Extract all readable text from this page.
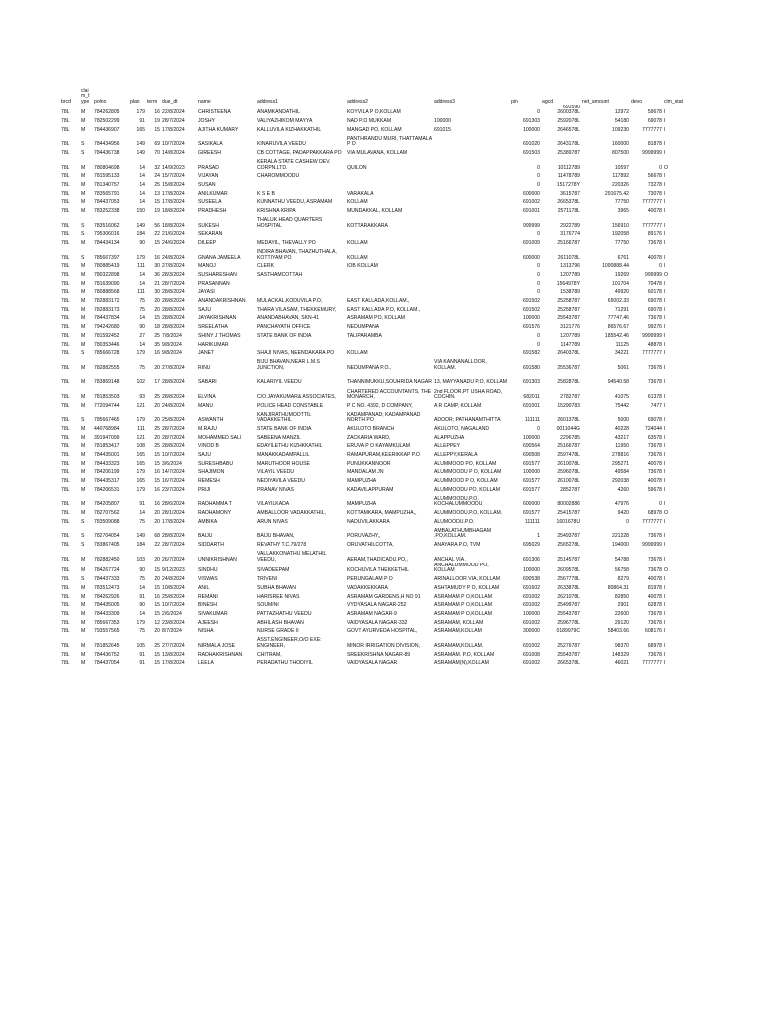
brcd	clai m_t ype	polno	plan	term	due_dt	name	address1	address2	address3	pin	agcd	net_amount	devo	clm_stat
78L	M	784262805	179	16	22/8/2024	CHRISTEENA	ANAMKANDATHIL	KOYVILA P O,KOLLAM		0	691590 2600378L	12972	59678	I
78L	M	782502299	91	19	28/7/2024	JOSHY	VALIYAZHIKOM MAYYA	NAD P.O MUKKAM	100000	691303	2592078L	54180	69078	I
78L	M	784436907	165	15	17/8/2024	AJITHA KUMARY	KALLUVILA KIZHAKKATHIL	MANGAD PO, KOLLAM	691015	100000	2646578L	109230	7777777	I
78L	S	784434956	149	69	10/7/2024	SASIKALA	KINARUVILA VEEDU	PANTHRANDU MURI, THATTAMALA P O		691020	2643178L	160000	81878	I
78L	S	784436738	149	70	14/8/2024	GIREESH	CB COTTAGE, PADAPPAKKARA PO	VIA MULAVANA, KOLLAM		691503	25389787	807500	9999999	I
78L	M	780804698	14	32	14/9/2023	PRASAD	KERALA STATE CASHEW DEV. CORPN.LTD.	QUILON		0	10112789	10597	0	O
78L	M	781595133	14	24	15/7/2024	VIJAYAN	CHAROMMOODU			0	11478789	117892	56678	I
78L	M	781340757	14	25	15/8/2024	SUSAN				0	1517278Y	220326	73278	I
78L	M	783565791	14	13	17/8/2024	ANILKUMAR	K S E B	VARAKALA		600000	3615787	291675.42	73078	I
78L	M	784437053	14	15	17/8/2024	SUSEELA	KUNNATHU VEEDU, ASRAMAM	KOLLAM		691002	2665378L	77750	7777777	I
78L	M	783252338	150	19	18/8/2024	PRADHESH	KRISHNA KRIPA	MUNDAKKAL, KOLLAM		691001	2571178L	3965	40078	I
78L	S	783516062	149	56	18/8/2024	SUKESH	THALUK HEAD QUARTERS HOSPITAL	KOTTARAKKARA		999999	2922789	156910	7777777	I
78L	S	795306016	184	22	21/6/2024	SEKARAN				0	3176774	192058	89176	I
78L	M	784434134	90	15	24/6/2024	DILEEP	MEDAYIL, THEVALLY PO	KOLLAM		691009	25166787	77750	73678	I
78L	S	785667397	179	16	24/8/2024	GNANA JAMEELA	INDIRA BHAVAN, THAZHUTHALA, KOTTIYAM PO	KOLLAM		600000	2611078L	6761	40078	I
78L	M	780885419	111	30	27/8/2024	MANOJ	CLERK	IOB KOLLAM		0	1313796	1090888.44	0	I
78L	M	780322898	14	36	28/3/2024	SUSHARESHAN	SASTHAMCOTTAH			0	1207789	19269	999999	O
78L	M	781639090	14	21	28/7/2024	PRASANNAN				0	1564978Y	101704	70478	I
78L	M	780888568	111	30	28/8/2024	JAYASI				0	1538789	49920	60178	I
78L	M	782883172	75	20	28/8/2024	ANANDAKRISHNAN	MULACKAL,KODUVILA P.O,	EAST KALLADA,KOLLAM.,		691502	25258787	65002.33	69078	I
78L	M	782883173	75	20	28/8/2024	SAJU	THARA VILASAM, THEKKEMURY,	EAST KALLADA P.O, KOLLAM.,		691502	25258787	71291	69078	I
78L	M	784437834	14	15	28/8/2024	JAYAKRISHNAN	ANANDABHAVAN, SKN-41	ASRAMAM PO, KOLLAM		100000	25543787	77747.46	73678	I
78L	M	794242680	90	18	28/8/2024	SREELATHA	PANCHAYATH OFFICE	NEDUMPANA		691576	3121776	86576.67	99276	I
78L	M	781592452	27	25	7/8/2024	SHINY J THOMAS	STATE BANK OF INDIA	TALIPARAMBA		0	1207789	185542.46	9999999	I
78L	M	780353446	14	35	9/8/2024	HARIKUMAR				0	1147789	11125	48878	I
78L	S	785666728	179	16	9/8/2024	JANET	SHAJI NIVAS, NEENDAKARA PO	KOLLAM		691582	2640378L	34221	7777777	I
78L	M	782882555	75	20	27/8/2024	RINU	BIJU BHAVAN,NEAR L.M.S JUNCTION,	NEDUMPANA P.O.,	VIA KANNANALLOOR, KOLLAM.	691580	25536787	5061	73678	I
78L	M	783869148	102	17	28/8/2024	SABARI	KALARIYIL VEEDU	THANNIMUKKU,SOUHRIDA NAGAR	13, MAYYANADU P.O, KOLLAM	691303	2582878L	94540.58	73678	I
78L	M	781853503	93	25	28/8/2024	ELVINA	C/O JAYAKUMAR& ASSOCIATES,	CHARTERED ACCOUNTANTS, THE MONARCH,	2nd FLOOR,PT USHA ROAD, COCHIN.	682011	2782787	41075	61378	I
78L	M	772094744	121	20	24/8/2024	MANU	POLICE HEAD CONSTABLE	P C NO. 4392, D COMPANY,	A R CAMP, KOLLAM	691001	15290783	75442	7477	I
78L	S	785667465	179	20	25/8/2024	ASWANTH	KANJIRATHUMOOTTIL VADAKKETHIL	KADAMPANAD; KADAMPANAD NORTH PO	ADOOR; PATHANAMTHITTA	111111	2601378L	5000	69078	I
78L	M	440768984	111	25	28/7/2024	M.RAJU	STATE BANK OF INDIA	AKULOTO BRANCH	AKULOTO, NAGALAND	0	0011044G	40228	724044	I
78L	M	391947099	121	20	28/7/2024	MOHAMMED SALI	SABEENA MANZIL	ZACKARIA WARD,	ALAPPUZHA	100000	2296785	43217	63578	I
78L	M	781853417	108	25	28/8/2024	VINOD B	EDAYILETHU KIZHKKATHIL	ERUVA P O KAYAMKULAM	ALLEPPEY	690564	25166787	11950	73678	I
78L	M	784435001	165	15	10/7/2024	SAJU	MANAKKADAMPALLIL	RAMAPURAM,KEERIKKAP P.O	ALLEPPY,KERALA	690508	2597478L	278816	73678	I
78L	M	784433323	165	15	3/6/2024	SURESHBABU	MARUTHOOR HOUSE	PUNUKKANNOOR	ALUMMOOD PO, KOLLAM	691577	2610078L	295271	40078	I
78L	M	784206199	179	16	14/7/2024	SHAJIMON	VILAYIL VEEDU	MANDALAM JN	ALUMMOODU P O, KOLLAM	100000	2596078L	49584	73678	I
78L	M	784435317	165	15	16/7/2024	REMESH	NEDIYAVILA VEEDU	MAMPUZHA	ALUMMOOD P O, KOLLAM	691577	2610078L	292038	40078	I
78L	M	784206531	179	16	23/7/2024	PRIJI	PRANAV NIVAS	KADAVILAPPURAM	ALUMMOODU PO, KOLLAM	691577	2852787	4260	59678	I
78L	M	784205807	91	16	28/6/2024	RADHAMMA T	VILAYILKADA	MAMPUZHA	ALUMMOODU.P.O, KOCHALUMMOODU	600000	80002886	47976	0	I
78L	M	782707562	14	20	28/1/2024	RADHAMONY	AMBALLOOR VADAKKATHIL,	KOTTAMKARA, MAMPUZHA,,	ALUMMOODU.P.O, KOLLAM.	691577	25415787	9420	68978	O
78L	S	783509088	75	20	17/8/2024	AMBIKA	ARUN NIVAS	NADUVILAKKARA	ALUMOODU.P.O.	111111	1601678U	0	7777777	I
78L	S	782704054	149	68	28/8/2024	BAIJU	BAIJU BHAVAN,	PORUVAZHY,,	AMBALATHUMBHAGAM .PO,KOLLAM.	1	25493787	221228	73678	I
78L	S	783867405	184	22	28/7/2024	SIDDARTH	REVATHY T.C.79/278	ORUVATHILCOTTA,	ANAYARA P.O, TVM	695029	2565278L	194000	9999999	I
78L	M	782882450	103	20	26/7/2024	UNNIKRISHNAN	VALLAKKONATHU MELATHIL VEEDU,	AERAM,THADICADU.PO,,	ANCHAL VIA .	691306	25145787	54788	73678	I
78L	M	784267724	90	15	9/12/2023	SINDHU	SIVADEEPAM	KOCHUVILA THEKKETHIL	ANCHALUMMOOD PO, KOLLAM	100000	2609578L	56758	73678	O
78L	S	784437333	75	20	24/8/2024	VISWAS	TRIVENI	PERUNGALAM P O	ARINALLOOR VIA, KOLLAM	690538	2567778L	8279	40078	I
78L	M	783512473	14	15	10/8/2024	ANIL	SUBHA BHAVAN	VADAKKEKKARA	ASHTAMUDY P O, KOLLAM	691602	2633878L	80864.31	81978	I
78L	M	784262926	91	16	25/8/2024	REMANI	HARISREE NIVAS	ASRAMAM GARDENS,H NO 91	ASRAMAM P O,KOLLAM	691002	2621078L	82850	40078	I
78L	M	784435005	90	15	10/7/2024	BINESH	SOUMINI	VYDYASALA NAGAR-252	ASRAMAM P O,KOLLAM	691002	25499787	2901	62878	I
78L	M	784433309	14	15	2/6/2024	SIVAKUMAR	PATTAZHATHU VEEDU	ASRAMAM NAGAR-9	ASRAMAM P O,KOLLAM	100000	25543787	22600	73678	I
78L	M	785667353	179	12	23/8/2024	AJEESH	ABHILASH BHAVAN	VAIDYASALA NAGAR-332	ASRAMAM, KOLLAM	691002	2596778L	29120	73678	I
78L	M	793557565	75	20	8/7/2024	NISHA	NURSE GRADE II	GOVT AYURVEDA HOSPITAL,	ASRAMAM,KOLLAM	300000	0189979C	58403.66	608176	I
78L	M	781852645	105	25	27/7/2024	NIRMALA JOSE	ASST.ENGINEER,O/O EXE: ENGINEER,	MINOR IRRIGATION DIVISION,	ASRAMAM,KOLLAM.	691002	25276787	98370	68978	I
78L	M	784436752	91	15	13/8/2024	RADHAKRISHNAN	CHITRAM,	SREEKRISHNA NAGAR-89	ASRAMAM. P.O, KOLLAM	691008	25543787	148329	73678	I
78L	M	784437054	91	15	17/8/2024	LEELA	PERADATHU THODIYIL	VAIDYASALA NAGAR	ASRAMAM(N),KOLLAM	691002	2665378L	46021	7777777	I
